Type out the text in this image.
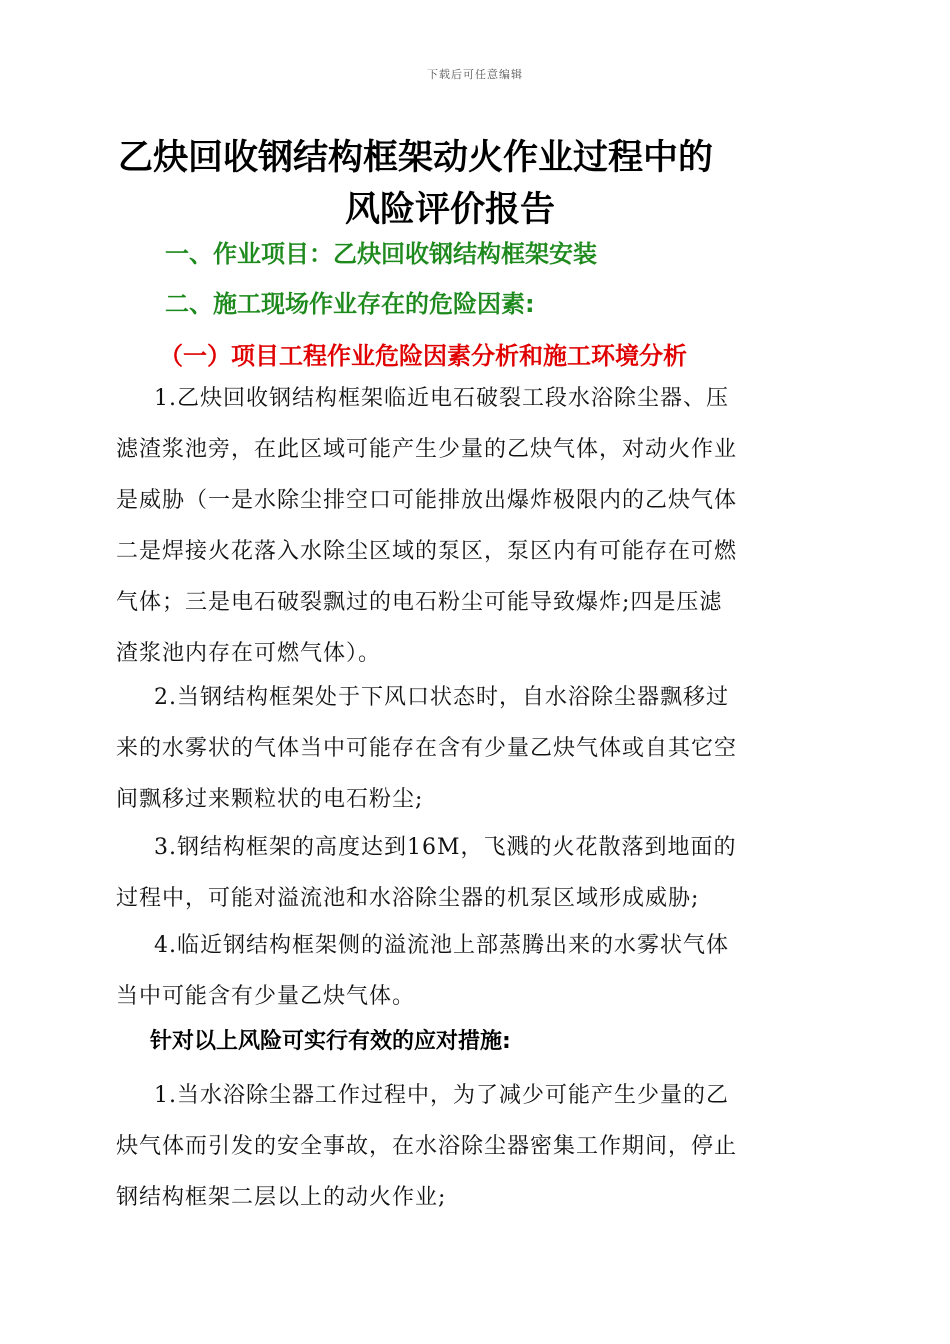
下载后可任意编辑
乙炔回收钢结构框架动火作业过程中的
风险评价报告
一、作业项目：乙炔回收钢结构框架安装
二、施工现场作业存在的危险因素:
（一）项目工程作业危险因素分析和施工环境分析
1.乙炔回收钢结构框架临近电石破裂工段水浴除尘器、压
滤渣浆池旁，在此区域可能产生少量的乙炔气体，对动火作业
是威胁（一是水除尘排空口可能排放出爆炸极限内的乙炔气体
二是焊接火花落入水除尘区域的泵区，泵区内有可能存在可燃
气体；三是电石破裂飘过的电石粉尘可能导致爆炸;四是压滤
渣浆池内存在可燃气体）。
2.当钢结构框架处于下风口状态时，自水浴除尘器飘移过
来的水雾状的气体当中可能存在含有少量乙炔气体或自其它空
间飘移过来颗粒状的电石粉尘;
3.钢结构框架的高度达到16M，飞溅的火花散落到地面的
过程中，可能对溢流池和水浴除尘器的机泵区域形成威胁;
4.临近钢结构框架侧的溢流池上部蒸腾出来的水雾状气体
当中可能含有少量乙炔气体。
针对以上风险可实行有效的应对措施:
1.当水浴除尘器工作过程中，为了减少可能产生少量的乙
炔气体而引发的安全事故，在水浴除尘器密集工作期间，停止
钢结构框架二层以上的动火作业;
